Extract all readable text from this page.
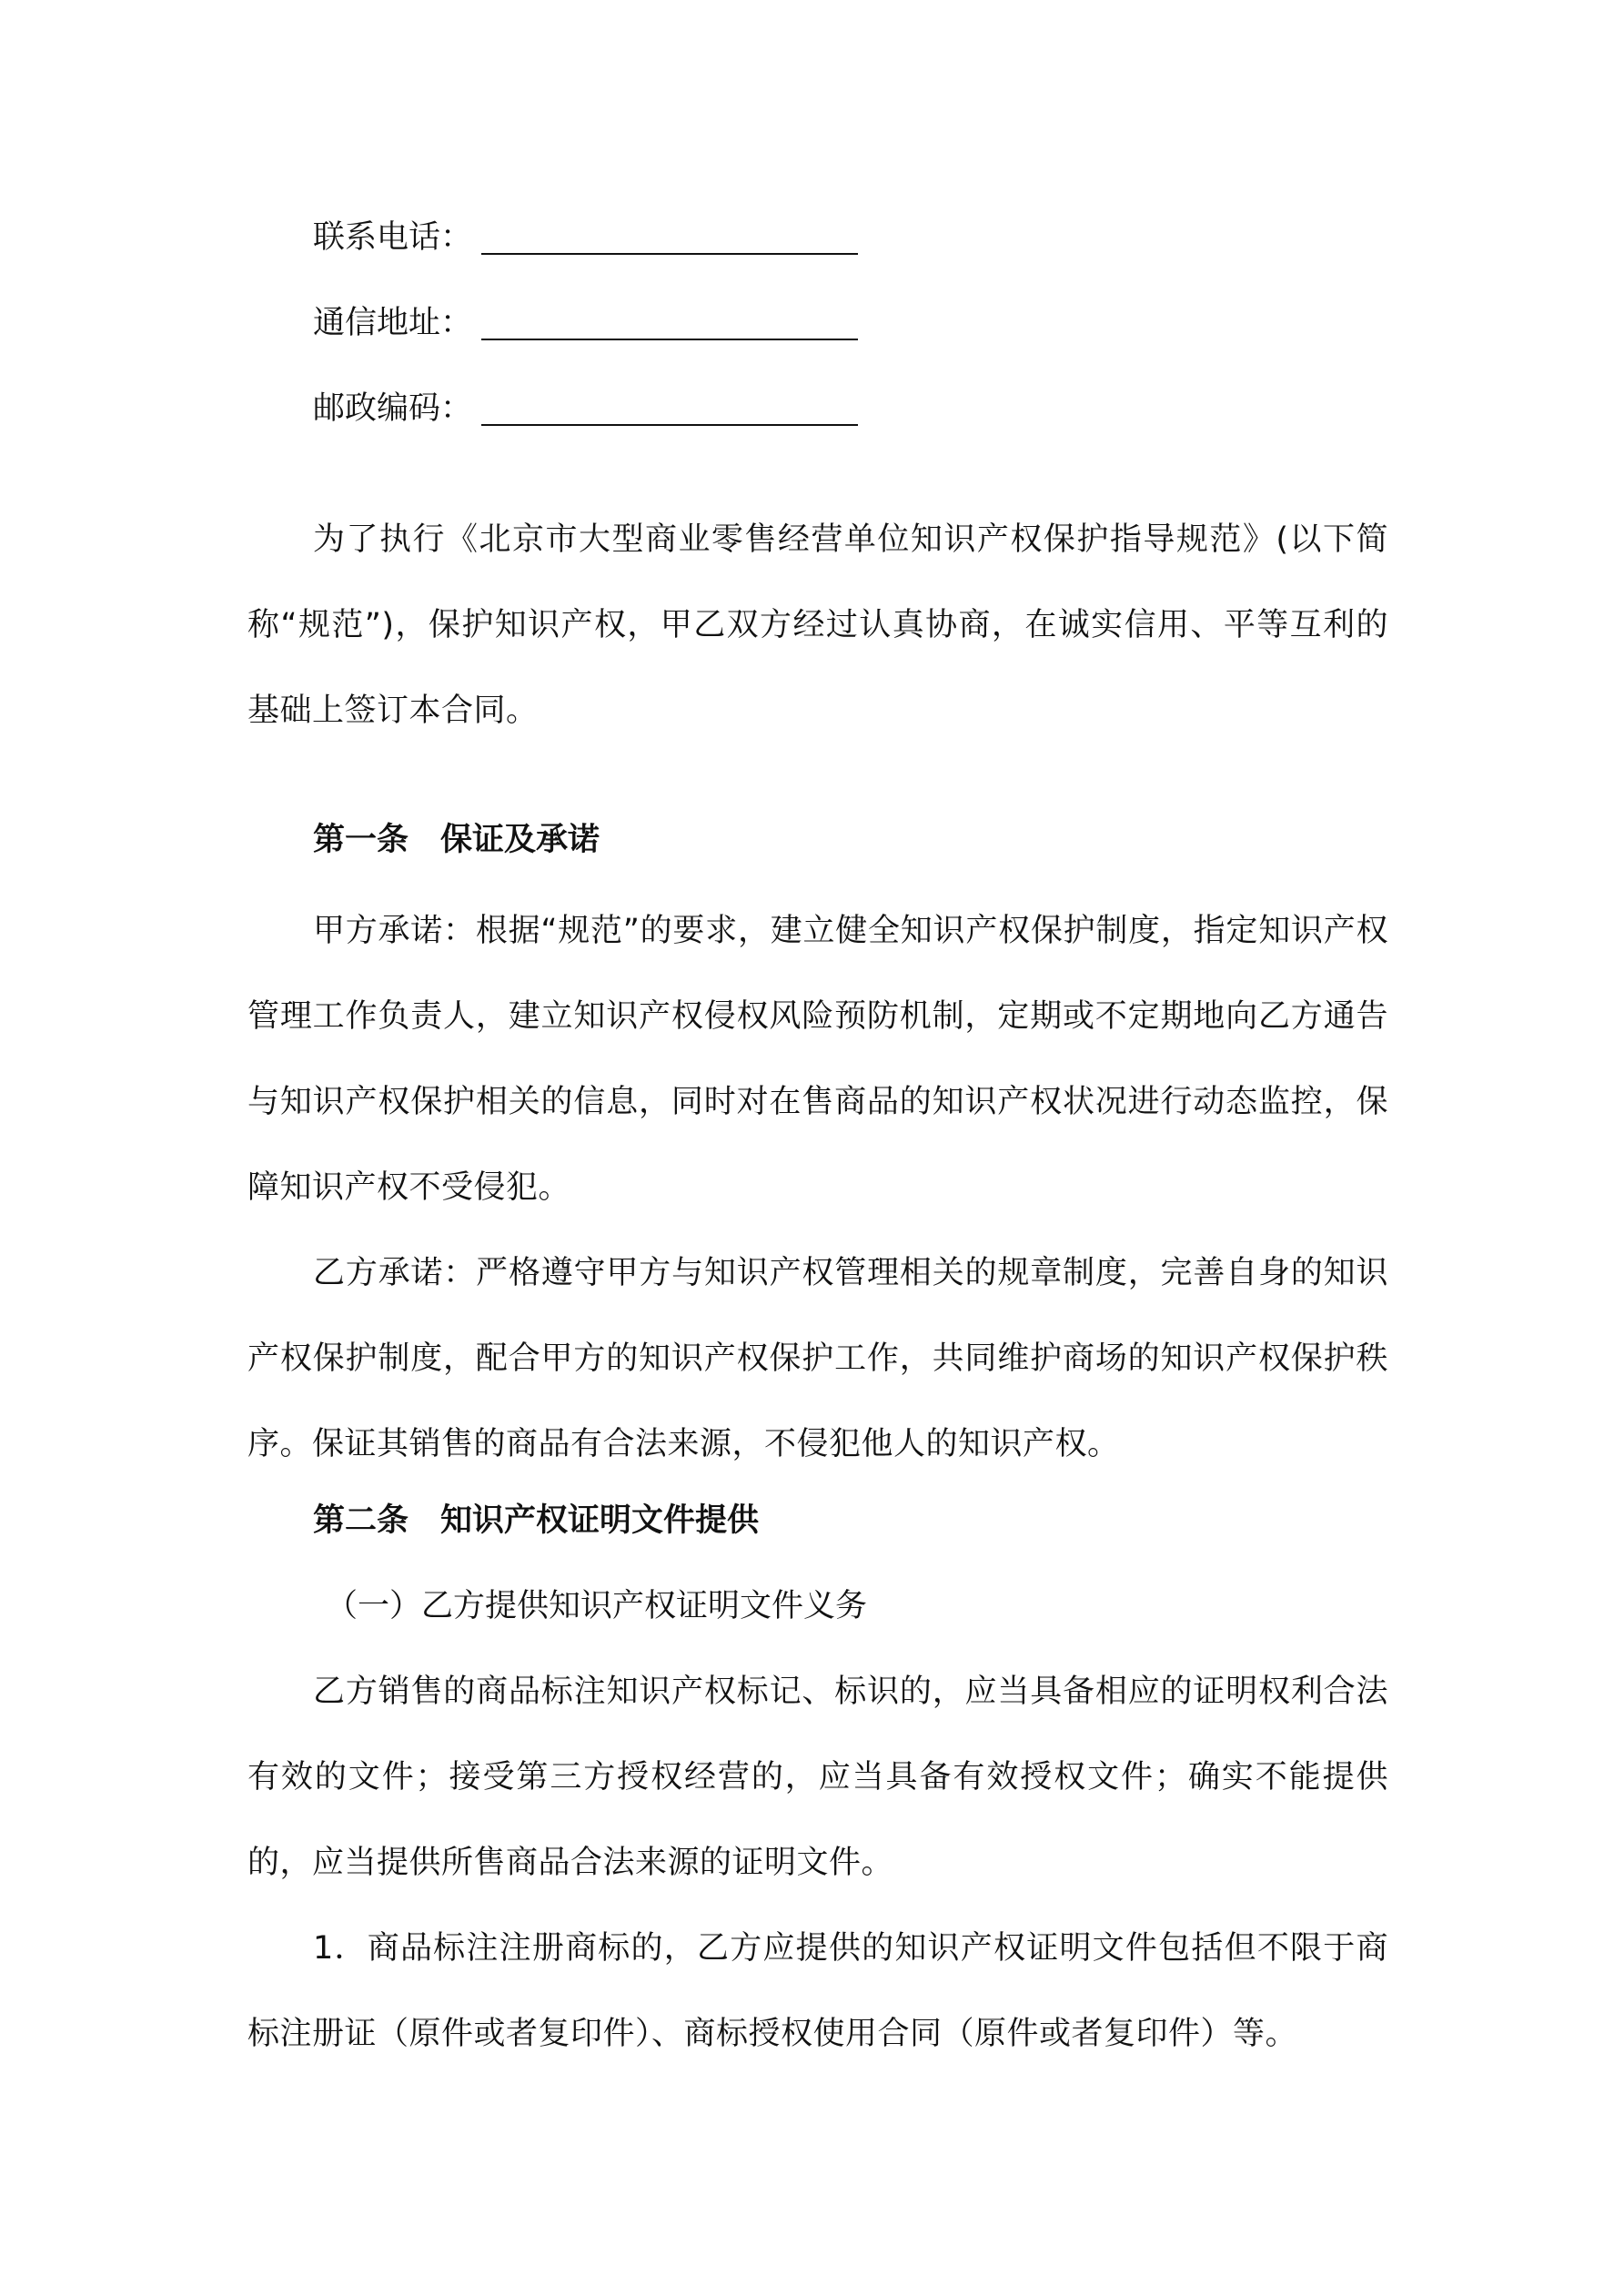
联系电话：
通信地址：
邮政编码：

为了执行《北京市大型商业零售经营单位知识产权保护指导规范》(以下简称“规范”)，保护知识产权，甲乙双方经过认真协商，在诚实信用、平等互利的基础上签订本合同。

第一条　保证及承诺

甲方承诺：根据“规范”的要求，建立健全知识产权保护制度，指定知识产权管理工作负责人，建立知识产权侵权风险预防机制，定期或不定期地向乙方通告与知识产权保护相关的信息，同时对在售商品的知识产权状况进行动态监控，保障知识产权不受侵犯。

乙方承诺：严格遵守甲方与知识产权管理相关的规章制度，完善自身的知识产权保护制度，配合甲方的知识产权保护工作，共同维护商场的知识产权保护秩序。保证其销售的商品有合法来源，不侵犯他人的知识产权。

第二条　知识产权证明文件提供

（一）乙方提供知识产权证明文件义务

乙方销售的商品标注知识产权标记、标识的，应当具备相应的证明权利合法有效的文件；接受第三方授权经营的，应当具备有效授权文件；确实不能提供的，应当提供所售商品合法来源的证明文件。

1．商品标注注册商标的，乙方应提供的知识产权证明文件包括但不限于商标注册证（原件或者复印件）、商标授权使用合同（原件或者复印件）等。
